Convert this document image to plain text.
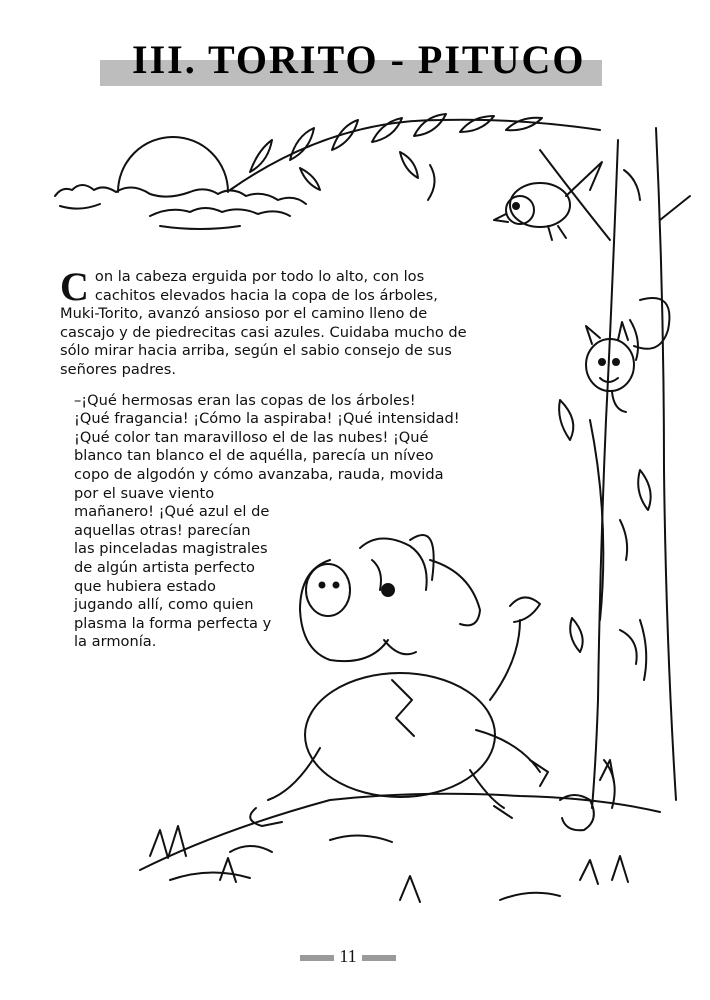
III. TORITO - PITUCO

Con la cabeza erguida por todo lo alto, con los cachitos elevados hacia la copa de los árboles, Muki-Torito, avanzó ansioso por el camino lleno de cascajo y de piedrecitas casi azules. Cuidaba mucho de sólo mirar hacia arriba, según el sabio consejo de sus señores padres.

–¡Qué hermosas eran las copas de los árboles!
¡Qué fragancia! ¡Cómo la aspiraba! ¡Qué intensidad!
¡Qué color tan maravilloso el de las nubes! ¡Qué
blanco tan blanco el de aquélla, parecía un níveo
copo de algodón y cómo avanzaba, rauda, movida
por el suave viento
mañanero! ¡Qué azul el de
aquellas otras! parecían
las pinceladas magistrales
de algún artista perfecto
que hubiera estado
jugando allí, como quien
plasma la forma perfecta y
la armonía.
11
